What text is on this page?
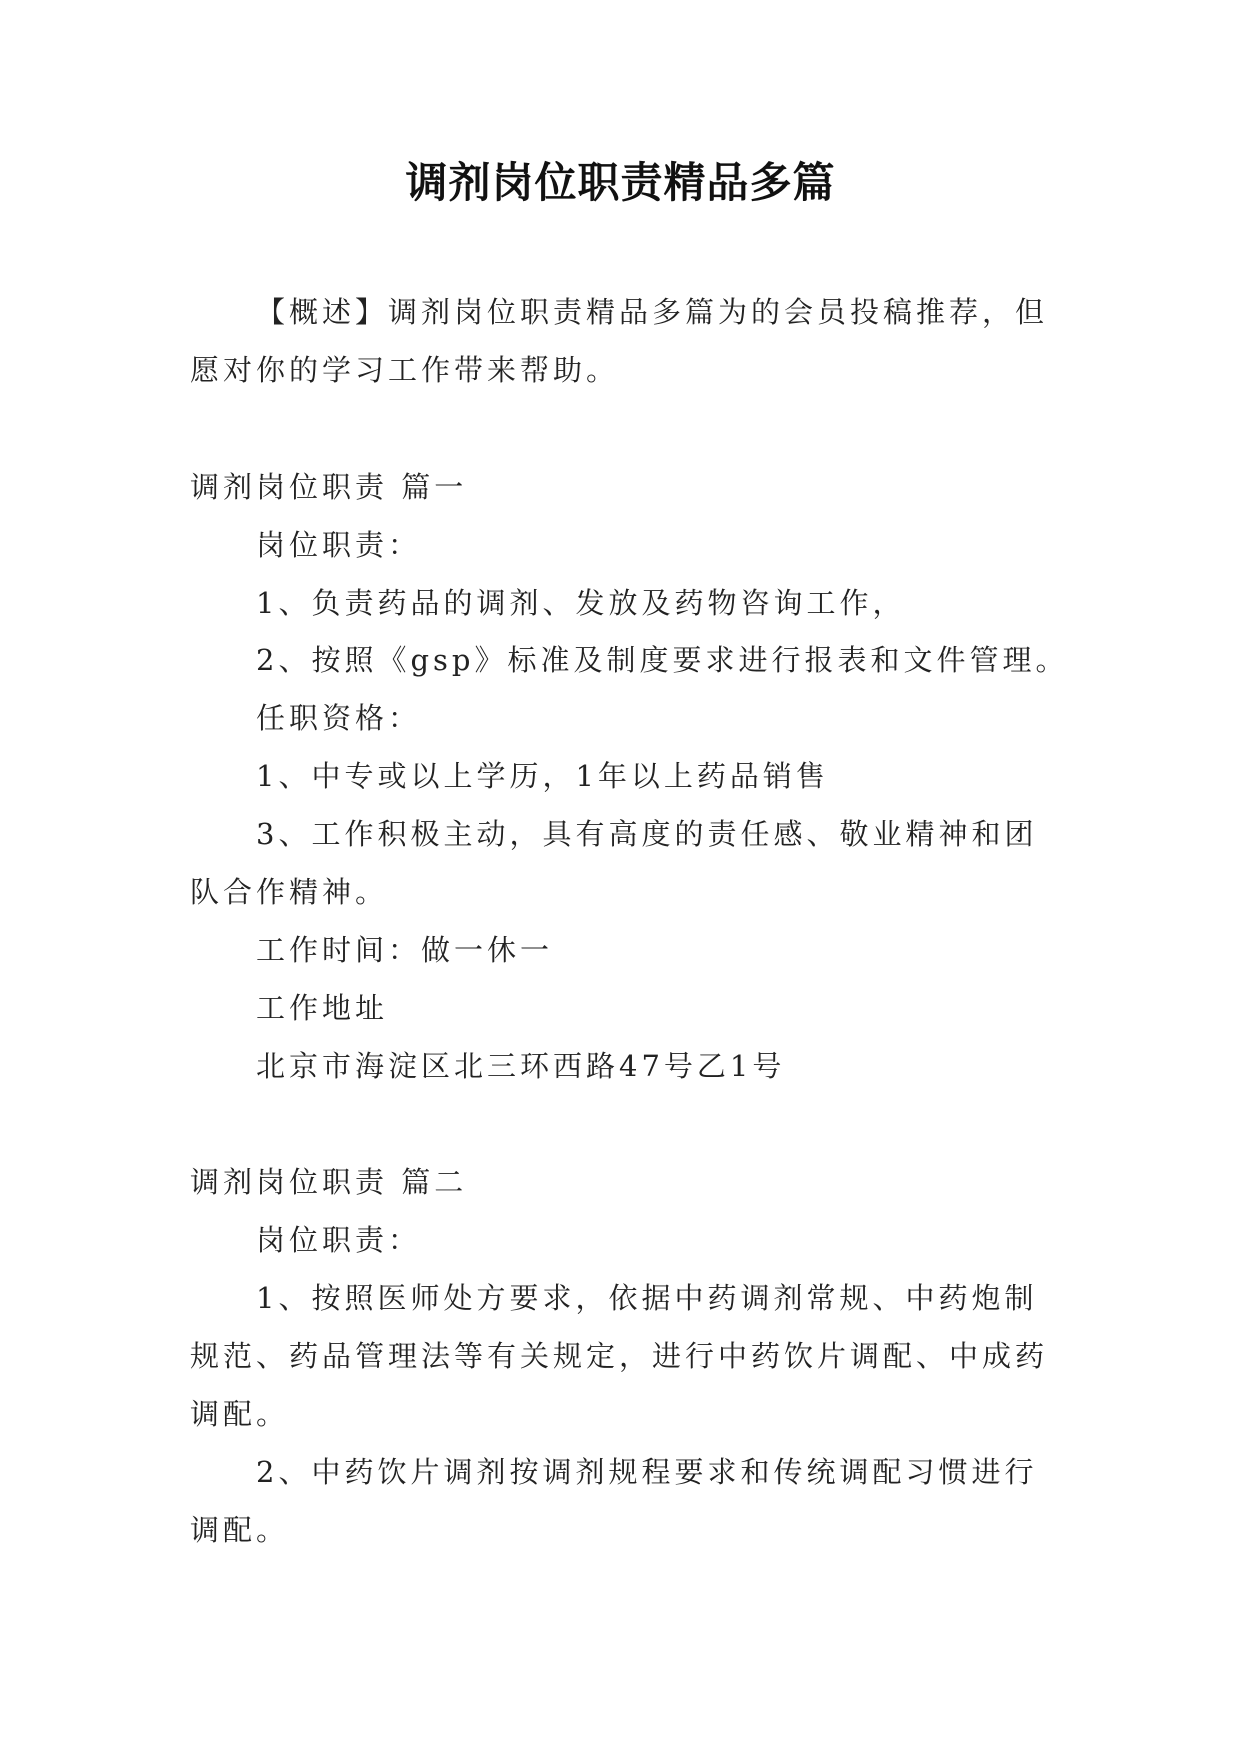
调剂岗位职责精品多篇
【概述】调剂岗位职责精品多篇为的会员投稿推荐，但
愿对你的学习工作带来帮助。
调剂岗位职责 篇一
岗位职责：
1、负责药品的调剂、发放及药物咨询工作，
2、按照《gsp》标准及制度要求进行报表和文件管理。
任职资格：
1、中专或以上学历，1年以上药品销售
3、工作积极主动，具有高度的责任感、敬业精神和团
队合作精神。
工作时间：做一休一
工作地址
北京市海淀区北三环西路47号乙1号
调剂岗位职责 篇二
岗位职责：
1、按照医师处方要求，依据中药调剂常规、中药炮制
规范、药品管理法等有关规定，进行中药饮片调配、中成药
调配。
2、中药饮片调剂按调剂规程要求和传统调配习惯进行
调配。
